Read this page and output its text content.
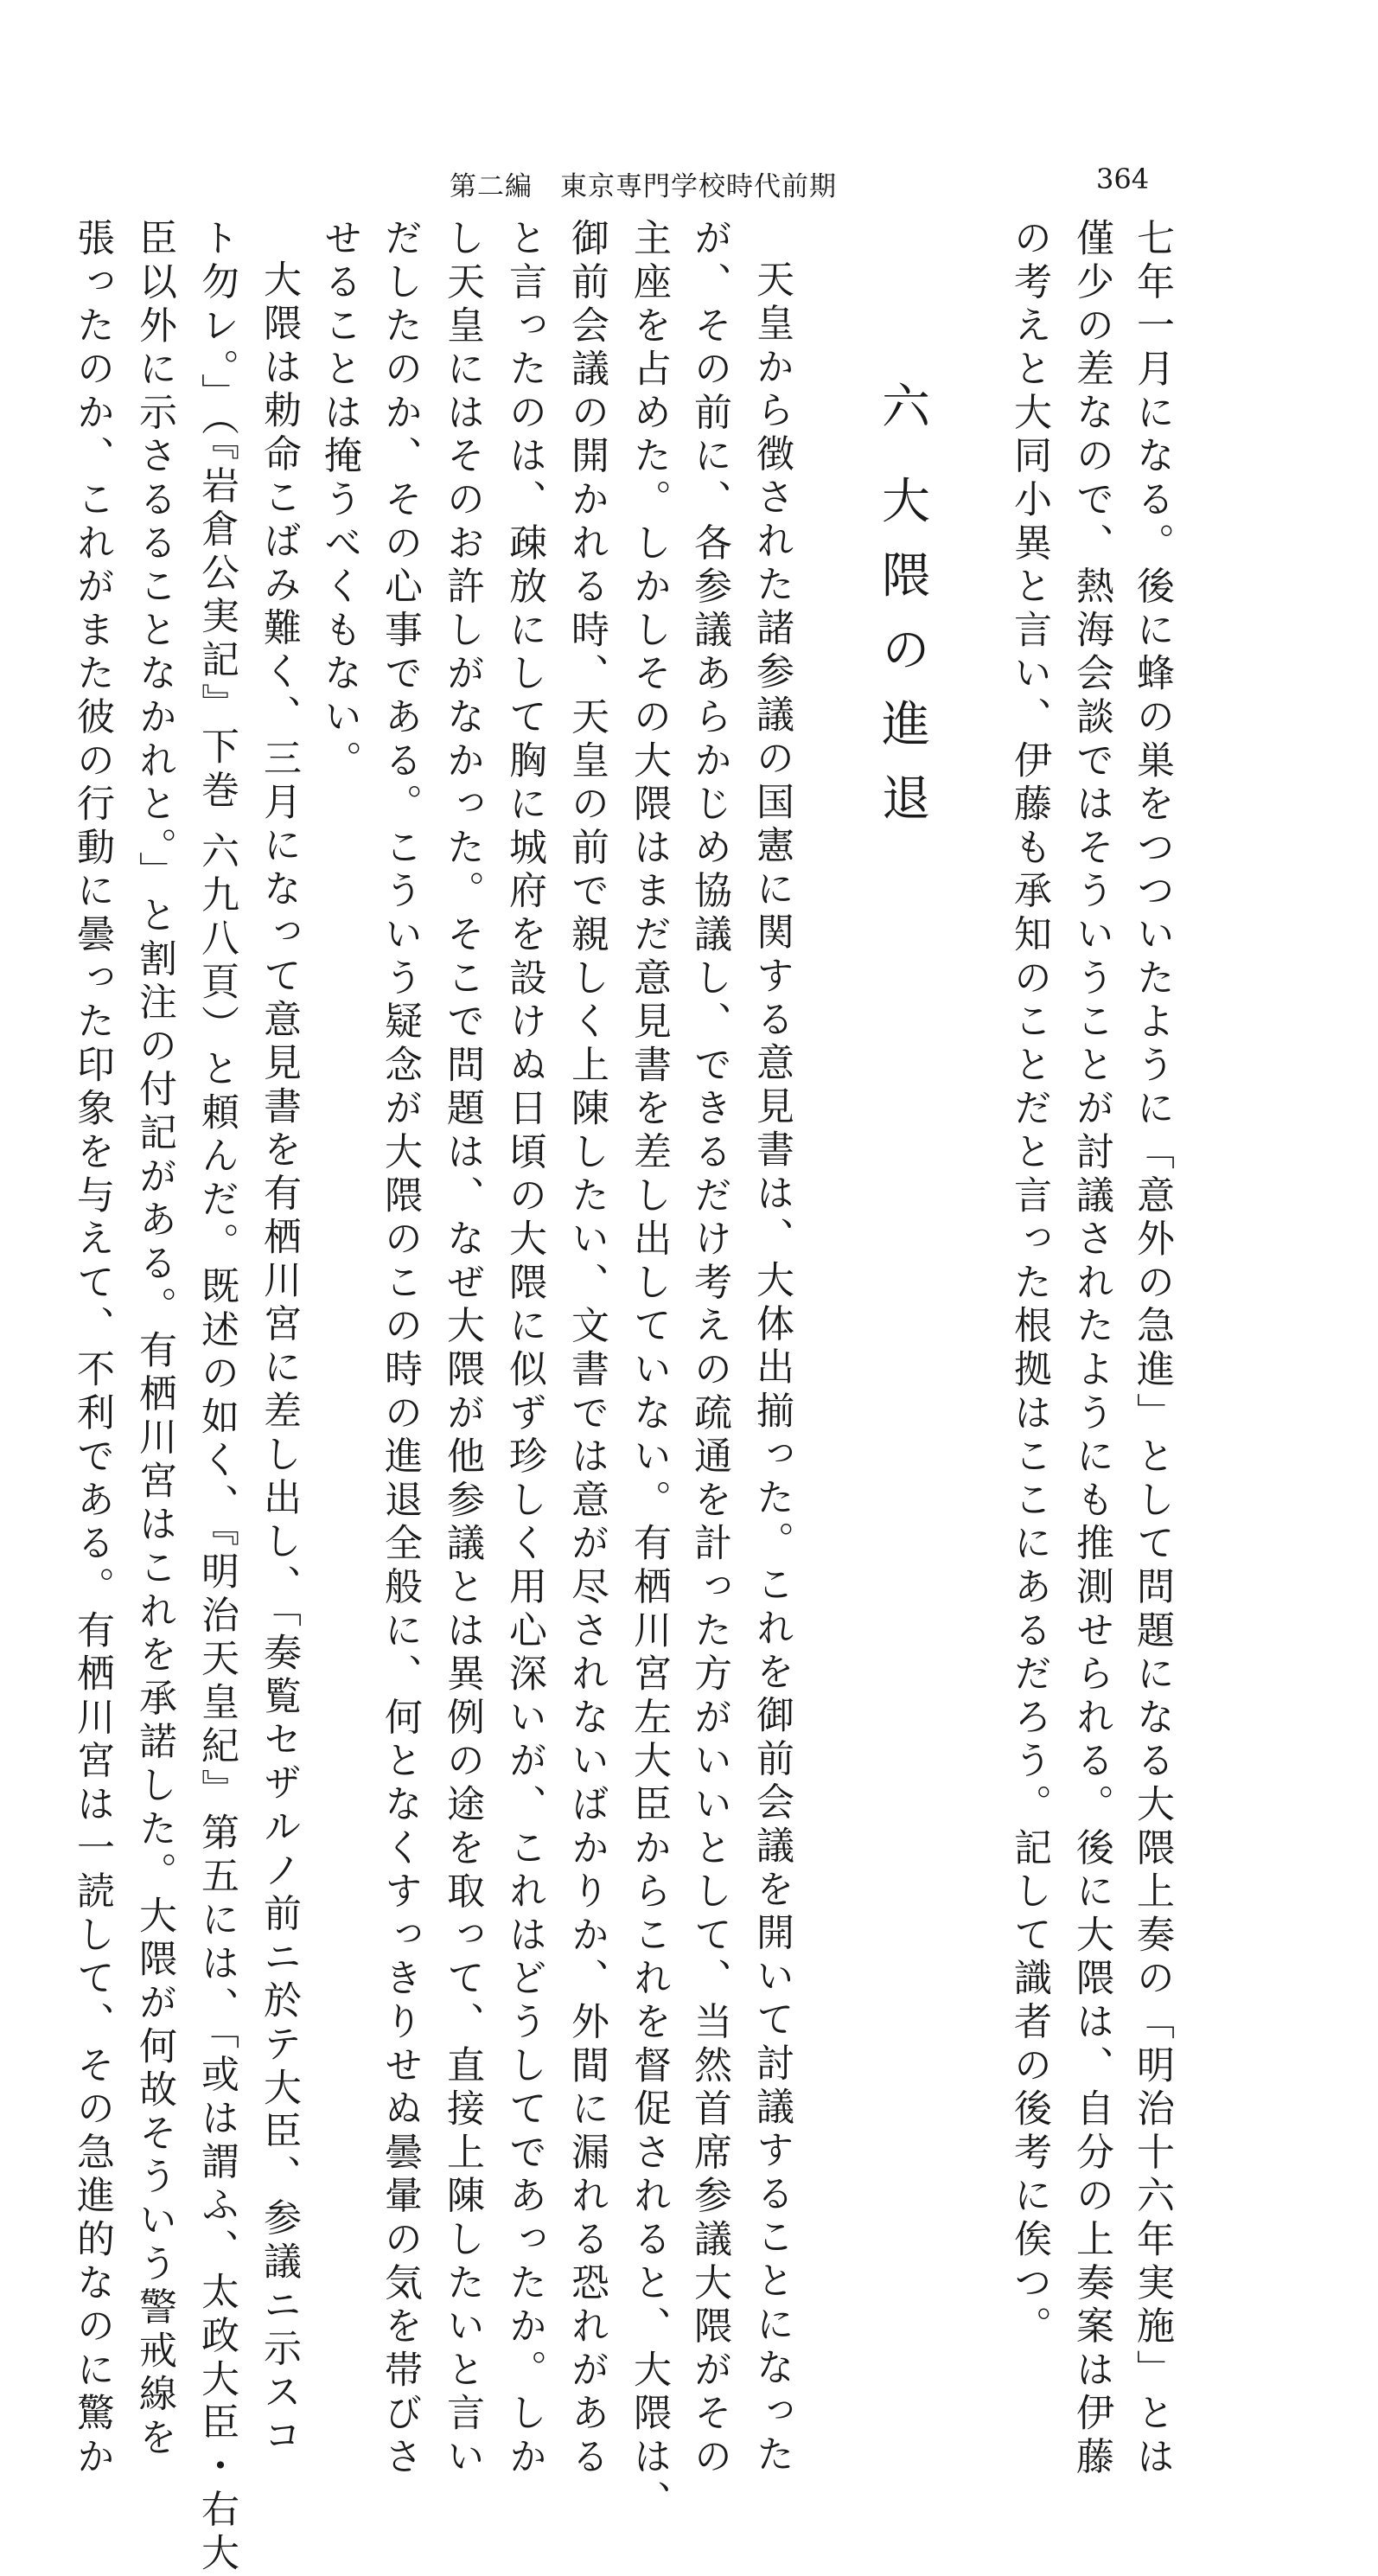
第二編　東京専門学校時代前期	364
七年一月になる。後に蜂の巣をつついたように「意外の急進」として問題になる大隈上奏の「明治十六年実施」とは
僅少の差なので、熱海会談ではそういうことが討議されたようにも推測せられる。後に大隈は、自分の上奏案は伊藤
の考えと大同小異と言い、伊藤も承知のことだと言った根拠はここにあるだろう。記して識者の後考に俟つ。
六 大隈の進退
天皇から徴された諸参議の国憲に関する意見書は、大体出揃った。これを御前会議を開いて討議することになった
が、その前に、各参議あらかじめ協議し、できるだけ考えの疏通を計った方がいいとして、当然首席参議大隈がその
主座を占めた。しかしその大隈はまだ意見書を差し出していない。有栖川宮左大臣からこれを督促されると、大隈は、
御前会議の開かれる時、天皇の前で親しく上陳したい、文書では意が尽されないばかりか、外間に漏れる恐れがある
と言ったのは、疎放にして胸に城府を設けぬ日頃の大隈に似ず珍しく用心深いが、これはどうしてであったか。しか
し天皇にはそのお許しがなかった。そこで問題は、なぜ大隈が他参議とは異例の途を取って、直接上陳したいと言い
だしたのか、その心事である。こういう疑念が大隈のこの時の進退全般に、何となくすっきりせぬ曇暈の気を帯びさ
せることは掩うべくもない。
大隈は勅命こばみ難く、三月になって意見書を有栖川宮に差し出し、「奏覧セザルノ前ニ於テ大臣、参議ニ示スコ
ト勿レ。」（『岩倉公実記』下巻 六九八頁）と頼んだ。既述の如く、『明治天皇紀』第五には、「或は謂ふ、太政大臣・右大
臣以外に示さるることなかれと。」と割注の付記がある。有栖川宮はこれを承諾した。大隈が何故そういう警戒線を
張ったのか、これがまた彼の行動に曇った印象を与えて、不利である。有栖川宮は一読して、その急進的なのに驚か
